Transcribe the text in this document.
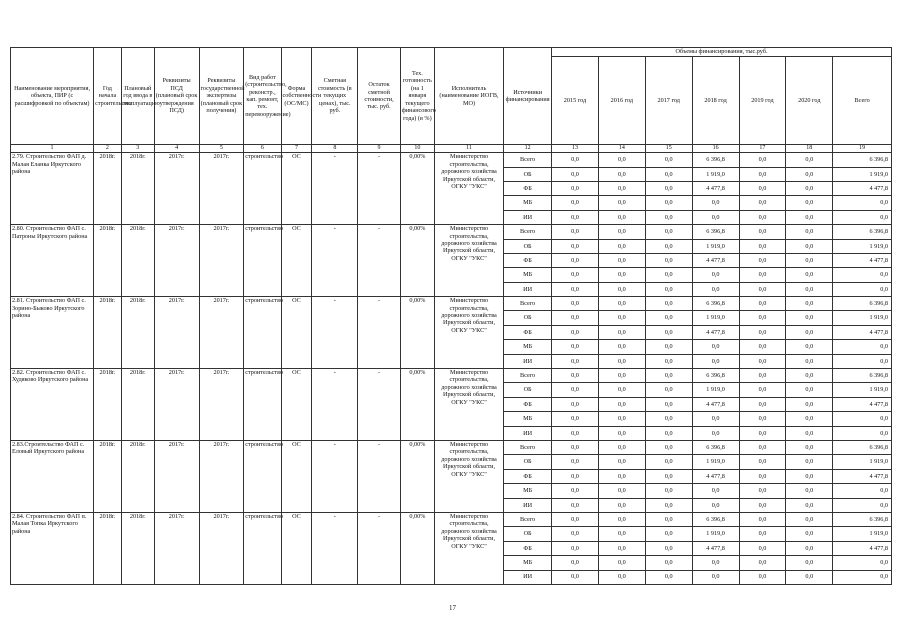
Наименование мероприятия, объекта, ПИР (с расшифровкой по объектам)	Год начала строительства	Плановый год ввода в эксплуатацию	Реквизиты ПСД (плановый срок утверждения ПСД)	Реквизиты государственной экспертизы (плановый срок получения)	Вид работ (строительство, реконстр., кап. ремонт, тех. перевооружение)	Форма собственности (ОС/МС)	Сметная стоимость (в текущих ценах), тыс. руб.	Остаток сметной стоимости, тыс. руб.	Тех. готовность (на 1 января текущего финансового года) (в %)	Исполнитель (наименование ИОГВ, МО)	Источники финансирования	Объемы финансирования, тыс.руб.						
												2015 год	2016 год	2017 год	2018 год	2019 год	2020 год	Всего
1	2	3	4	5	6	7	8	9	10	11	12	13	14	15	16	17	18	19
2.79. Строительство ФАП д. Малая Еланка Иркутского района	2018г.	2018г.	2017г.	2017г.	строительство	ОС	-	-	0,00%	Министерство строительства, дорожного хозяйства Иркутской области, ОГКУ "УКС"	Всего	0,0	0,0	0,0	6 396,8	0,0	0,0	6 396,8
											ОБ	0,0	0,0	0,0	1 919,0	0,0	0,0	1 919,0
											ФБ	0,0	0,0	0,0	4 477,8	0,0	0,0	4 477,8
											МБ	0,0	0,0	0,0	0,0	0,0	0,0	0,0
											ИИ	0,0	0,0	0,0	0,0	0,0	0,0	0,0
2.80. Строительство ФАП с. Патроны Иркутского района	2018г.	2018г.	2017г.	2017г.	строительство	ОС	-	-	0,00%	Министерство строительства, дорожного хозяйства Иркутской области, ОГКУ "УКС"	Всего	0,0	0,0	0,0	6 396,8	0,0	0,0	6 396,8
											ОБ	0,0	0,0	0,0	1 919,0	0,0	0,0	1 919,0
											ФБ	0,0	0,0	0,0	4 477,8	0,0	0,0	4 477,8
											МБ	0,0	0,0	0,0	0,0	0,0	0,0	0,0
											ИИ	0,0	0,0	0,0	0,0	0,0	0,0	0,0
2.81. Строительство ФАП с. Зорино-Быково Иркутского района	2018г.	2018г.	2017г.	2017г.	строительство	ОС	-	-	0,00%	Министерство строительства, дорожного хозяйства Иркутской области, ОГКУ "УКС"	Всего	0,0	0,0	0,0	6 396,8	0,0	0,0	6 396,8
											ОБ	0,0	0,0	0,0	1 919,0	0,0	0,0	1 919,0
											ФБ	0,0	0,0	0,0	4 477,8	0,0	0,0	4 477,8
											МБ	0,0	0,0	0,0	0,0	0,0	0,0	0,0
											ИИ	0,0	0,0	0,0	0,0	0,0	0,0	0,0
2.82. Строительство ФАП с. Худяково Иркутского района	2018г.	2018г.	2017г.	2017г.	строительство	ОС	-	-	0,00%	Министерство строительства, дорожного хозяйства Иркутской области, ОГКУ "УКС"	Всего	0,0	0,0	0,0	6 396,8	0,0	0,0	6 396,8
											ОБ	0,0	0,0	0,0	1 919,0	0,0	0,0	1 919,0
											ФБ	0,0	0,0	0,0	4 477,8	0,0	0,0	4 477,8
											МБ	0,0	0,0	0,0	0,0	0,0	0,0	0,0
											ИИ	0,0	0,0	0,0	0,0	0,0	0,0	0,0
2.83.Строительство ФАП с. Еловый Иркутского района	2018г.	2018г.	2017г.	2017г.	строительство	ОС	-	-	0,00%	Министерство строительства, дорожного хозяйства Иркутской области, ОГКУ "УКС"	Всего	0,0	0,0	0,0	6 396,8	0,0	0,0	6 396,8
											ОБ	0,0	0,0	0,0	1 919,0	0,0	0,0	1 919,0
											ФБ	0,0	0,0	0,0	4 477,8	0,0	0,0	4 477,8
											МБ	0,0	0,0	0,0	0,0	0,0	0,0	0,0
											ИИ	0,0	0,0	0,0	0,0	0,0	0,0	0,0
2.84. Строительство ФАП п. Малая Топка Иркутского района	2018г.	2018г.	2017г.	2017г.	строительство	ОС	-	-	0,00%	Министерство строительства, дорожного хозяйства Иркутской области, ОГКУ "УКС"	Всего	0,0	0,0	0,0	6 396,8	0,0	0,0	6 396,8
											ОБ	0,0	0,0	0,0	1 919,0	0,0	0,0	1 919,0
											ФБ	0,0	0,0	0,0	4 477,8	0,0	0,0	4 477,8
											МБ	0,0	0,0	0,0	0,0	0,0	0,0	0,0
											ИИ	0,0	0,0	0,0	0,0	0,0	0,0	0,0
17
